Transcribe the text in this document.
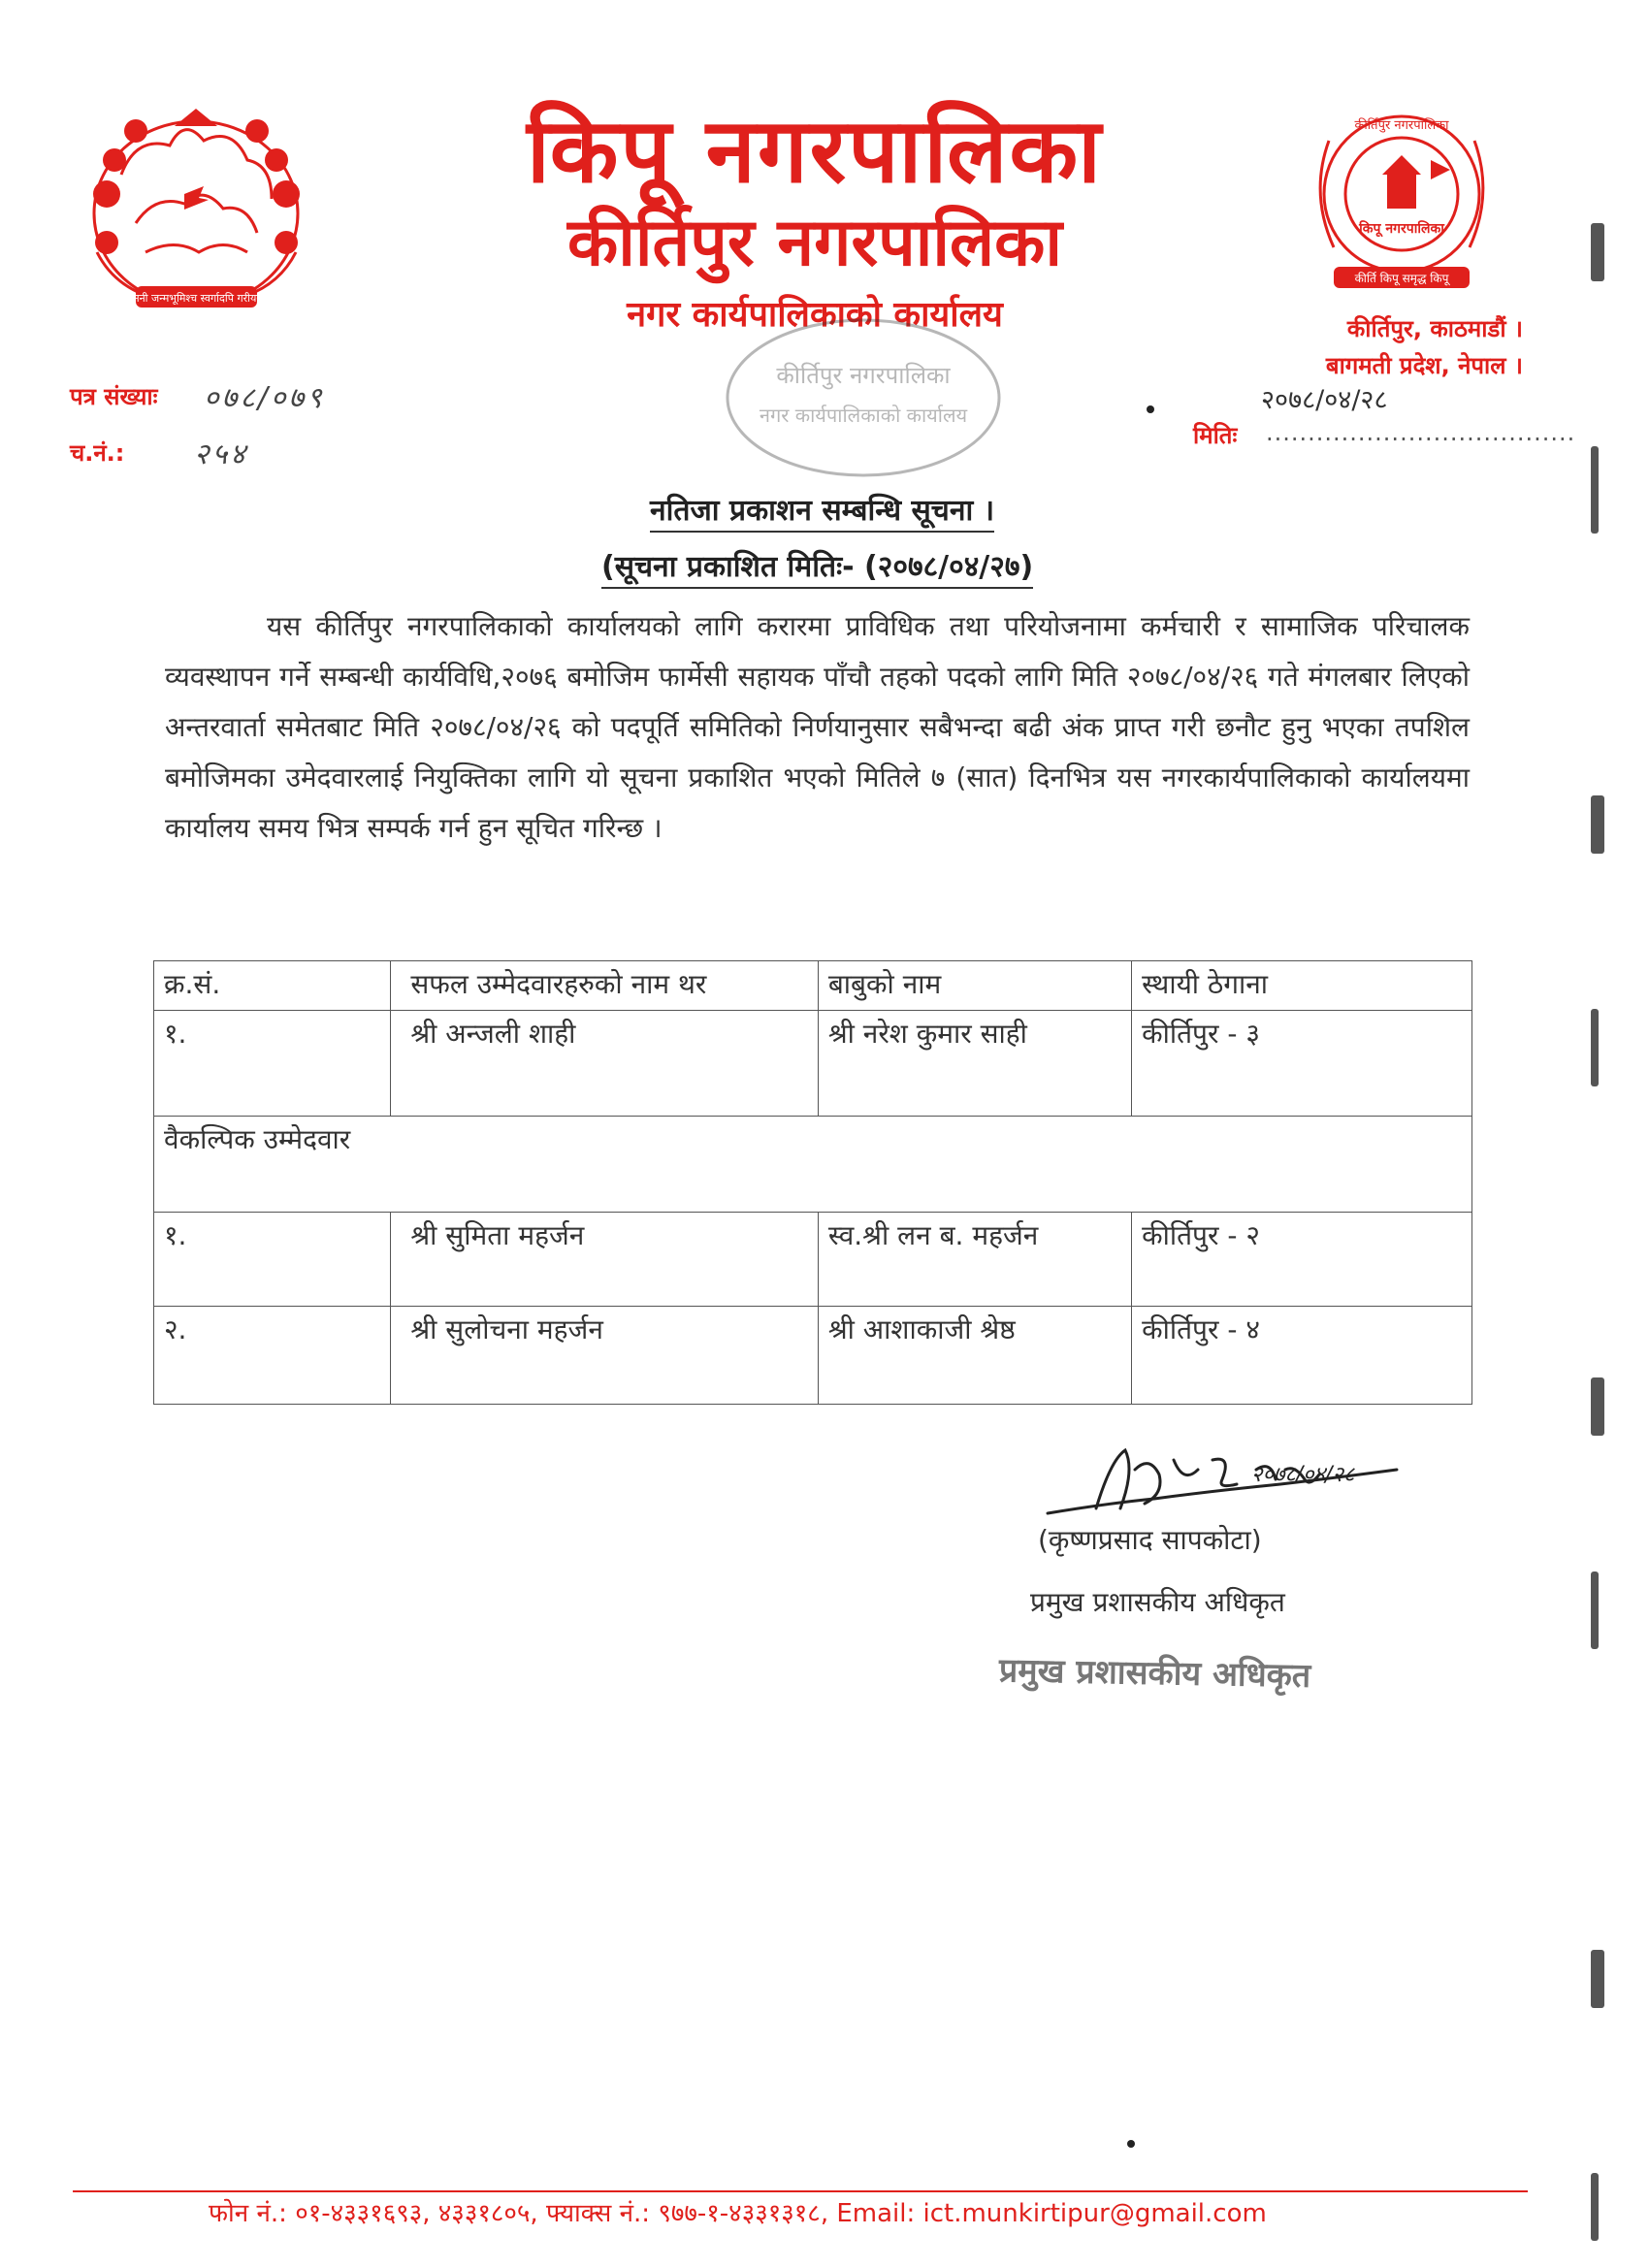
जननी जन्मभूमिश्च स्वर्गादपि गरीयसी
कीर्तिपुर नगरपालिका
किपू नगरपालिका
कीर्ति किपू समृद्ध किपू
किपू नगरपालिका
कीर्तिपुर नगरपालिका
नगर कार्यपालिकाको कार्यालय
कीर्तिपुर नगरपालिका
नगर कार्यपालिकाको कार्यालय
कीर्तिपुर, काठमाडौं ।
बागमती प्रदेश, नेपाल ।
२०७८/०४/२८
मितिः .....................................
पत्र संख्याः ०७८/०७९
च.नं.: २५४
नतिजा प्रकाशन सम्बन्धि सूचना ।
(सूचना प्रकाशित मितिः- (२०७८/०४/२७)
यस कीर्तिपुर नगरपालिकाको कार्यालयको लागि करारमा प्राविधिक तथा परियोजनामा कर्मचारी र सामाजिक परिचालक व्यवस्थापन गर्ने सम्बन्धी कार्यविधि,२०७६ बमोजिम फार्मेसी सहायक पाँचौ तहको पदको लागि मिति २०७८/०४/२६ गते मंगलबार लिएको अन्तरवार्ता समेतबाट मिति २०७८/०४/२६ को पदपूर्ति समितिको निर्णयानुसार सबैभन्दा बढी अंक प्राप्त गरी छनौट हुनु भएका तपशिल बमोजिमका उमेदवारलाई नियुक्तिका लागि यो सूचना प्रकाशित भएको मितिले ७ (सात) दिनभित्र यस नगरकार्यपालिकाको कार्यालयमा कार्यालय समय भित्र सम्पर्क गर्न हुन सूचित गरिन्छ ।
क्र.सं.	सफल उम्मेदवारहरुको नाम थर	बाबुको नाम	स्थायी ठेगाना
१.	श्री अन्जली शाही	श्री नरेश कुमार साही	कीर्तिपुर - ३
वैकल्पिक उम्मेदवार			
१.	श्री सुमिता महर्जन	स्व.श्री लन ब. महर्जन	कीर्तिपुर - २
२.	श्री सुलोचना महर्जन	श्री आशाकाजी श्रेष्ठ	कीर्तिपुर - ४
२०७८/०४/२८
(कृष्णप्रसाद सापकोटा)
प्रमुख प्रशासकीय अधिकृत
प्रमुख प्रशासकीय अधिकृत
फोन नं.: ०१-४३३१६९३, ४३३१८०५, फ्याक्स नं.: ९७७-१-४३३१३१८, Email: ict.munkirtipur@gmail.com
